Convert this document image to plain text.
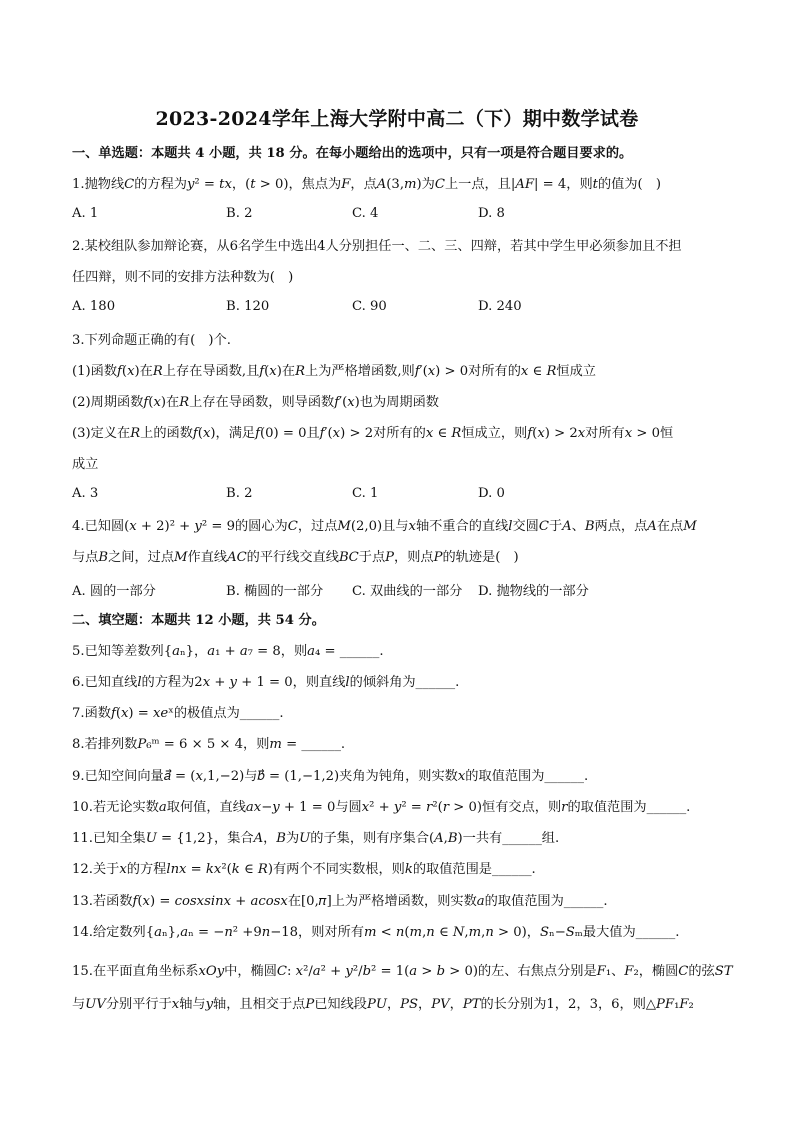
2023-2024学年上海大学附中高二（下）期中数学试卷
一、单选题：本题共 4 小题，共 18 分。在每小题给出的选项中，只有一项是符合题目要求的。
1.抛物线𝐶的方程为𝑦² = 𝑡𝑥，(𝑡 > 0)，焦点为𝐹，点𝐴(3,𝑚)为𝐶上一点，且|𝐴𝐹| = 4，则𝑡的值为(　)
A. 1	B. 2	C. 4	D. 8
2.某校组队参加辩论赛，从6名学生中选出4人分别担任一、二、三、四辩，若其中学生甲必须参加且不担
任四辩，则不同的安排方法种数为(　)
A. 180	B. 120	C. 90	D. 240
3.下列命题正确的有(　)个.
(1)函数𝑓(𝑥)在𝑅上存在导函数,且𝑓(𝑥)在𝑅上为严格增函数,则𝑓′(𝑥) > 0对所有的𝑥 ∈ 𝑅恒成立
(2)周期函数𝑓(𝑥)在𝑅上存在导函数，则导函数𝑓′(𝑥)也为周期函数
(3)定义在𝑅上的函数𝑓(𝑥)，满足𝑓(0) = 0且𝑓′(𝑥) > 2对所有的𝑥 ∈ 𝑅恒成立，则𝑓(𝑥) > 2𝑥对所有𝑥 > 0恒
成立
A. 3	B. 2	C. 1	D. 0
4.已知圆(𝑥 + 2)² + 𝑦² = 9的圆心为𝐶，过点𝑀(2,0)且与𝑥轴不重合的直线𝑙交圆𝐶于𝐴、𝐵两点，点𝐴在点𝑀
与点𝐵之间，过点𝑀作直线𝐴𝐶的平行线交直线𝐵𝐶于点𝑃，则点𝑃的轨迹是(　)
A. 圆的一部分	B. 椭圆的一部分 C. 双曲线的一部分 D. 抛物线的一部分
二、填空题：本题共 12 小题，共 54 分。
5.已知等差数列{𝑎ₙ}，𝑎₁ + 𝑎₇ = 8，则𝑎₄ = ______.
6.已知直线𝑙的方程为2𝑥 + 𝑦 + 1 = 0，则直线𝑙的倾斜角为______.
7.函数𝑓(𝑥) = 𝑥𝑒ˣ的极值点为______.
8.若排列数𝑃₆ᵐ = 6 × 5 × 4，则𝑚 = ______.
9.已知空间向量𝑎⃗ = (𝑥,1,−2)与𝑏⃗ = (1,−1,2)夹角为钝角，则实数𝑥的取值范围为______.
10.若无论实数𝑎取何值，直线𝑎𝑥−𝑦 + 1 = 0与圆𝑥² + 𝑦² = 𝑟²(𝑟 > 0)恒有交点，则𝑟的取值范围为______.
11.已知全集𝑈 = {1,2}，集合𝐴，𝐵为𝑈的子集，则有序集合(𝐴,𝐵)一共有______组.
12.关于𝑥的方程𝑙𝑛𝑥 = 𝑘𝑥²(𝑘 ∈ 𝑅)有两个不同实数根，则𝑘的取值范围是______.
13.若函数𝑓(𝑥) = 𝑐𝑜𝑠𝑥𝑠𝑖𝑛𝑥 + 𝑎𝑐𝑜𝑠𝑥在[0,𝜋]上为严格增函数，则实数𝑎的取值范围为______.
14.给定数列{𝑎ₙ},𝑎ₙ = −𝑛² +9𝑛−18，则对所有𝑚 < 𝑛(𝑚,𝑛 ∈ 𝑁,𝑚,𝑛 > 0)，𝑆ₙ−𝑆ₘ最大值为______.
15.在平面直角坐标系𝑥𝑂𝑦中，椭圆𝐶: 𝑥²/𝑎² + 𝑦²/𝑏² = 1(𝑎 > 𝑏 > 0)的左、右焦点分别是𝐹₁、𝐹₂，椭圆𝐶的弦𝑆𝑇
与𝑈𝑉分别平行于𝑥轴与𝑦轴，且相交于点𝑃已知线段𝑃𝑈，𝑃𝑆，𝑃𝑉，𝑃𝑇的长分别为1，2，3，6，则△𝑃𝐹₁𝐹₂
